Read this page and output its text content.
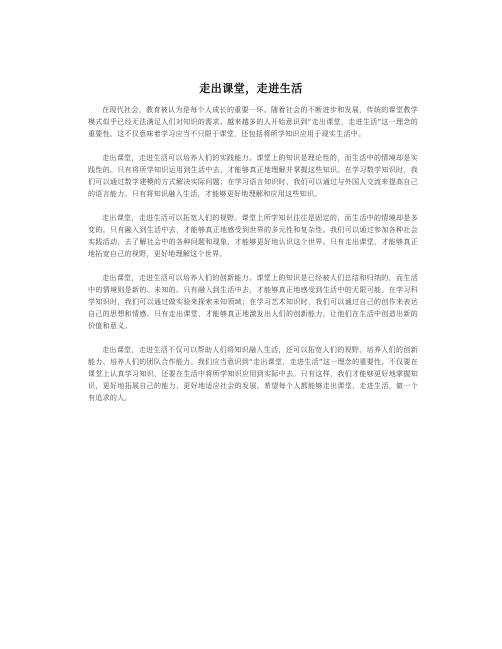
走出课堂，走进生活

在现代社会，教育被认为是每个人成长的重要一环。随着社会的不断进步和发展，传统的课堂教学模式似乎已经无法满足人们对知识的需求。越来越多的人开始意识到“走出课堂，走进生活”这一理念的重要性。这不仅意味着学习应当不只限于课堂，还包括将所学知识应用于现实生活中。

走出课堂，走进生活可以培养人们的实践能力。课堂上的知识是理论性的，而生活中的情境却是实践性的。只有将所学知识运用到生活中去，才能够真正地理解并掌握这些知识。在学习数学知识时，我们可以通过数学建模的方式解决实际问题；在学习语言知识时，我们可以通过与外国人交流来提高自己的语言能力。只有将知识融入生活，才能够更好地理解和应用这些知识。

走出课堂，走进生活可以拓宽人们的视野。课堂上所学知识往往是固定的，而生活中的情境却是多变的。只有融入到生活中去，才能够真正地感受到世界的多元性和复杂性。我们可以通过参加各种社会实践活动，去了解社会中的各种问题和现象，才能够更好地认识这个世界。只有走出课堂，才能够真正地拓宽自己的视野，更好地理解这个世界。

走出课堂，走进生活可以培养人们的创新能力。课堂上的知识是已经被人们总结和归纳的，而生活中的情境则是新的、未知的。只有融入到生活中去，才能够真正地感受到生活中的无限可能。在学习科学知识时，我们可以通过做实验来探索未知领域；在学习艺术知识时，我们可以通过自己的创作来表达自己的思想和情感。只有走出课堂，才能够真正地激发出人们的创新能力，让他们在生活中创造出新的价值和意义。

走出课堂，走进生活不仅可以帮助人们将知识融入生活，还可以拓宽人们的视野、培养人们的创新能力、培养人们的团队合作能力。我们应当意识到“走出课堂，走进生活”这一理念的重要性，不仅要在课堂上认真学习知识，还要在生活中将所学知识应用到实际中去。只有这样，我们才能够更好地掌握知识，更好地拓展自己的能力，更好地适应社会的发展。希望每个人都能够走出课堂，走进生活，做一个有追求的人。
